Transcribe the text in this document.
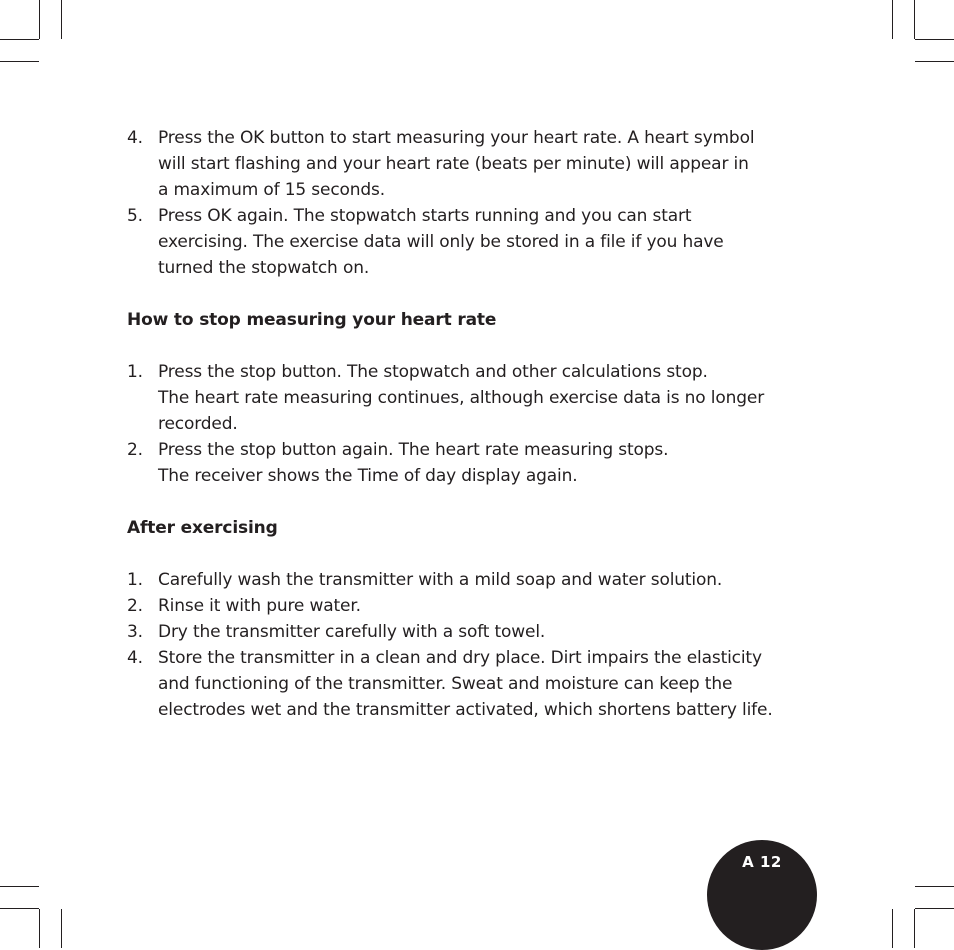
4. Press the OK button to start measuring your heart rate. A heart symbol
will start flashing and your heart rate (beats per minute) will appear in
a maximum of 15 seconds.
5. Press OK again. The stopwatch starts running and you can start
exercising. The exercise data will only be stored in a file if you have
turned the stopwatch on.
How to stop measuring your heart rate
1. Press the stop button. The stopwatch and other calculations stop.
The heart rate measuring continues, although exercise data is no longer
recorded.
2. Press the stop button again. The heart rate measuring stops.
The receiver shows the Time of day display again.
After exercising
1. Carefully wash the transmitter with a mild soap and water solution.
2. Rinse it with pure water.
3. Dry the transmitter carefully with a soft towel.
4. Store the transmitter in a clean and dry place. Dirt impairs the elasticity
and functioning of the transmitter. Sweat and moisture can keep the
electrodes wet and the transmitter activated, which shortens battery life.
A 12
